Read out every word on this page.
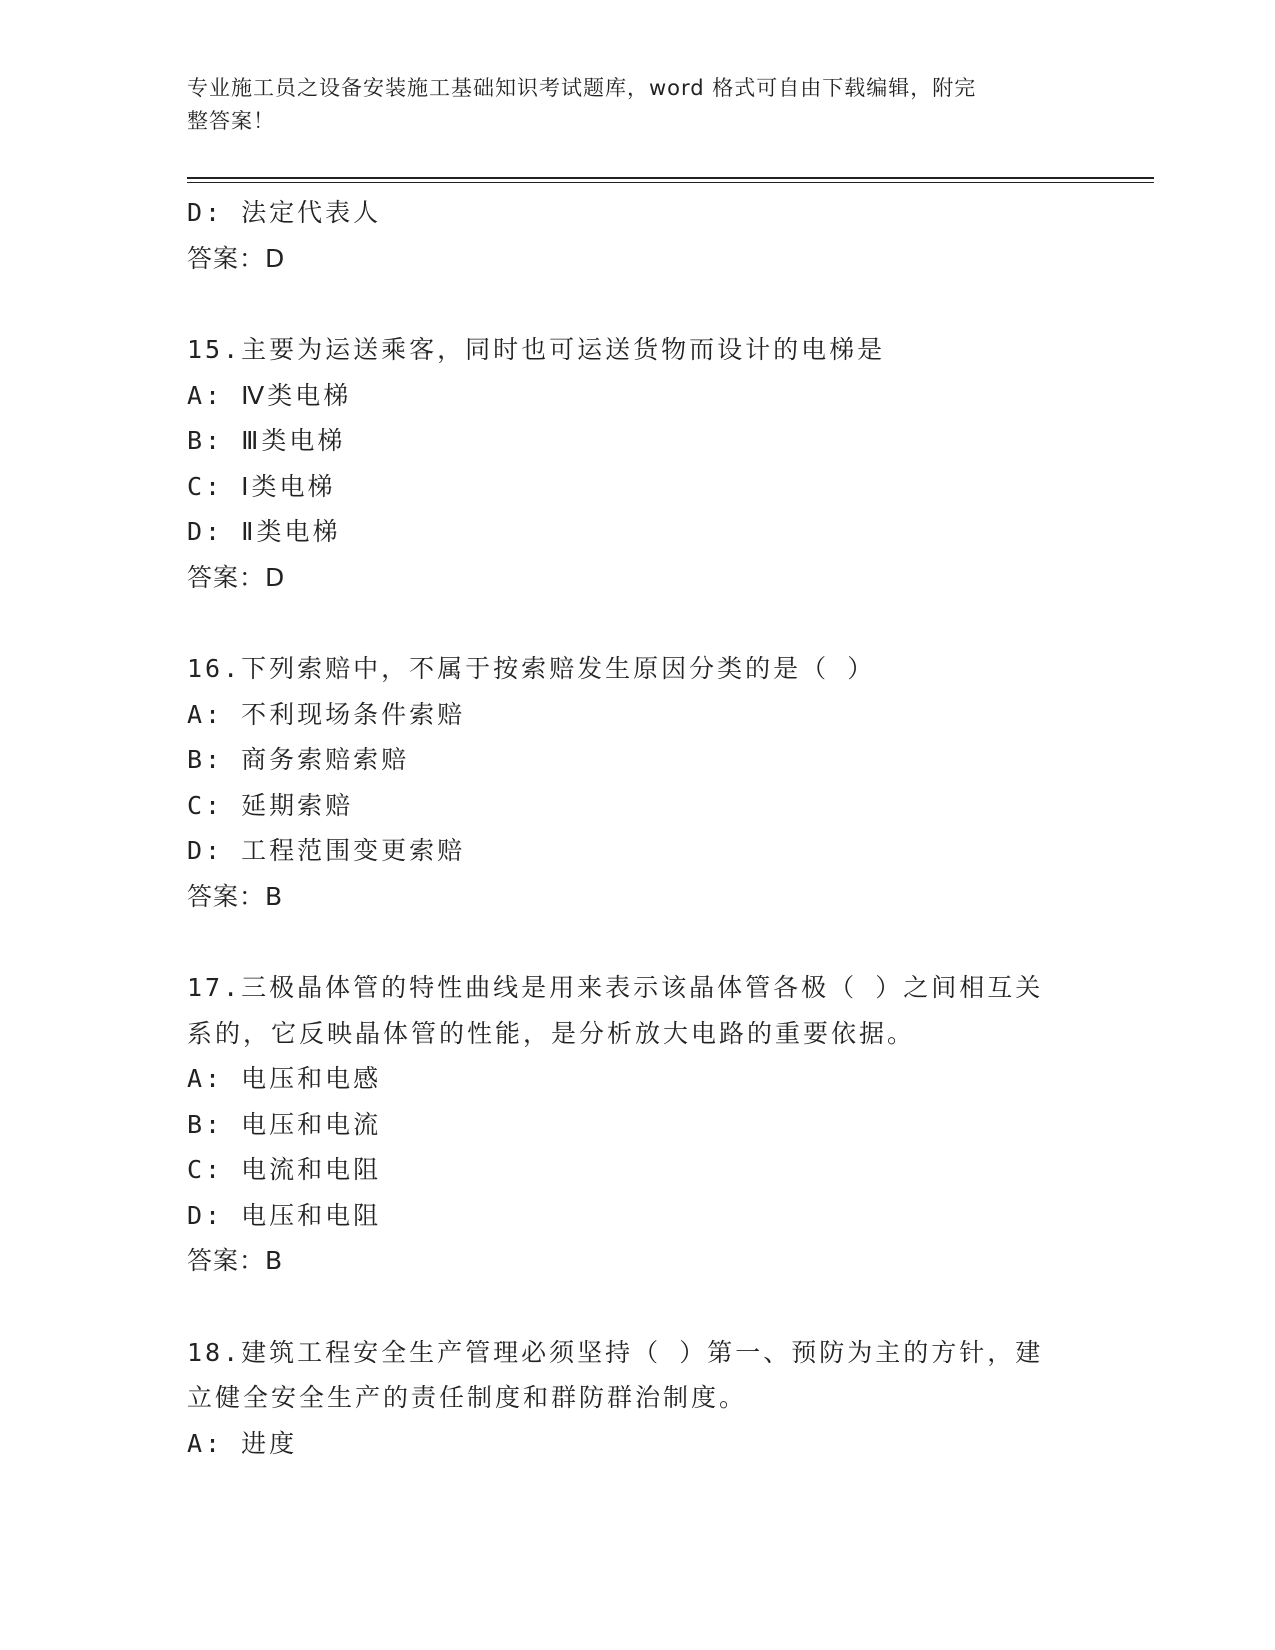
专业施工员之设备安装施工基础知识考试题库，word 格式可自由下载编辑，附完
整答案！
D: 法定代表人
答案：D
15.主要为运送乘客，同时也可运送货物而设计的电梯是
A: Ⅳ类电梯
B: Ⅲ类电梯
C: Ⅰ类电梯
D: Ⅱ类电梯
答案：D
16.下列索赔中，不属于按索赔发生原因分类的是（ ）
A: 不利现场条件索赔
B: 商务索赔索赔
C: 延期索赔
D: 工程范围变更索赔
答案：B
17.三极晶体管的特性曲线是用来表示该晶体管各极（ ）之间相互关
系的，它反映晶体管的性能，是分析放大电路的重要依据。
A: 电压和电感
B: 电压和电流
C: 电流和电阻
D: 电压和电阻
答案：B
18.建筑工程安全生产管理必须坚持（ ）第一、预防为主的方针，建
立健全安全生产的责任制度和群防群治制度。
A: 进度
